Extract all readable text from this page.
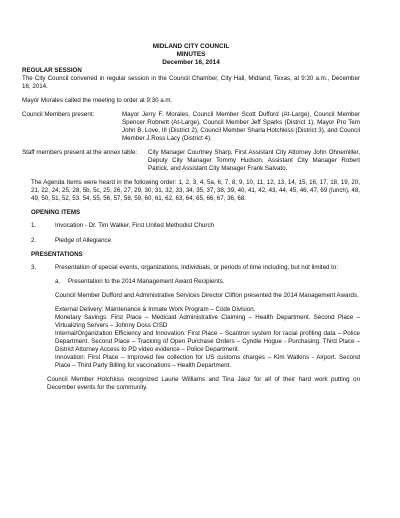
MIDLAND CITY COUNCIL
MINUTES
December 16, 2014
REGULAR SESSION

The City Council convened in regular session in the Council Chamber, City Hall, Midland, Texas, at 9:30 a.m., December 16, 2014.

Mayor Morales called the meeting to order at 9:30 a.m.

Council Members present:	Mayor Jerry F. Morales, Council Member Scott Dufford (At-Large), Council Member Spencer Robnett (At-Large), Council Member Jeff Sparks (District 1), Mayor Pro Tem John B. Love, III (District 2), Council Member Sharla Hotchkiss (District 3), and Council Member J.Ross Lacy (District 4).
Staff members present at the annex table:	City Manager Courtney Sharp, First Assistant City Attorney John Ohnemiller, Deputy City Manager Tommy Hudson, Assistant City Manager Robert Patrick, and Assistant City Manager Frank Salvato.

The Agenda Items were heard in the following order: 1, 2, 3, 4, 5a, 6, 7, 8, 9, 10, 11, 12, 13, 14, 15, 16, 17, 18, 19, 20, 21, 22, 24, 25, 28, 5b, 5c, 25, 26, 27, 29, 30, 31, 32, 33, 34, 35, 37, 38, 39, 40, 41, 42, 43, 44, 45, 46, 47, 69 (lunch), 48, 49, 50, 51, 52, 53, 54, 55, 56, 57, 58, 59, 60, 61, 62, 63, 64, 65, 66, 67, 36, 68.

OPENING ITEMS
1.	Invocation - Dr. Tim Walker, First United Methodist Church
2.	Pledge of Allegiance
PRESENTATIONS
3.	Presentation of special events, organizations, individuals, or periods of time including, but not limited to:
a.	Presentation to the 2014 Management Award Recipients.

Council Member Dufford and Administrative Services Director Clifton presented the 2014 Management Awards.

External Delivery: Maintenance & Inmate Work Program – Code Division.

Monetary Savings: First Place – Medicaid Administrative Claiming – Health Department. Second Place – Virtualizing Servers – Johnny Doss CISD

Internal/Organization Efficiency and Innovation: First Place – Scantron system for racial profiling data – Police Department. Second Place – Tracking of Open Purchase Orders – Cyndie Hogue - Purchasing. Third Place – District Attorney Access to PD video evidence – Police Department.

Innovation: First Place – Improved fee collection for US customs charges – Kim Watkins - Airport. Second Place – Third Party Billing for vaccinations – Health Department.

Council Member Hotchkiss recognized Laurie Williams and Tina Jauz for all of their hard work putting on December events for the community.
